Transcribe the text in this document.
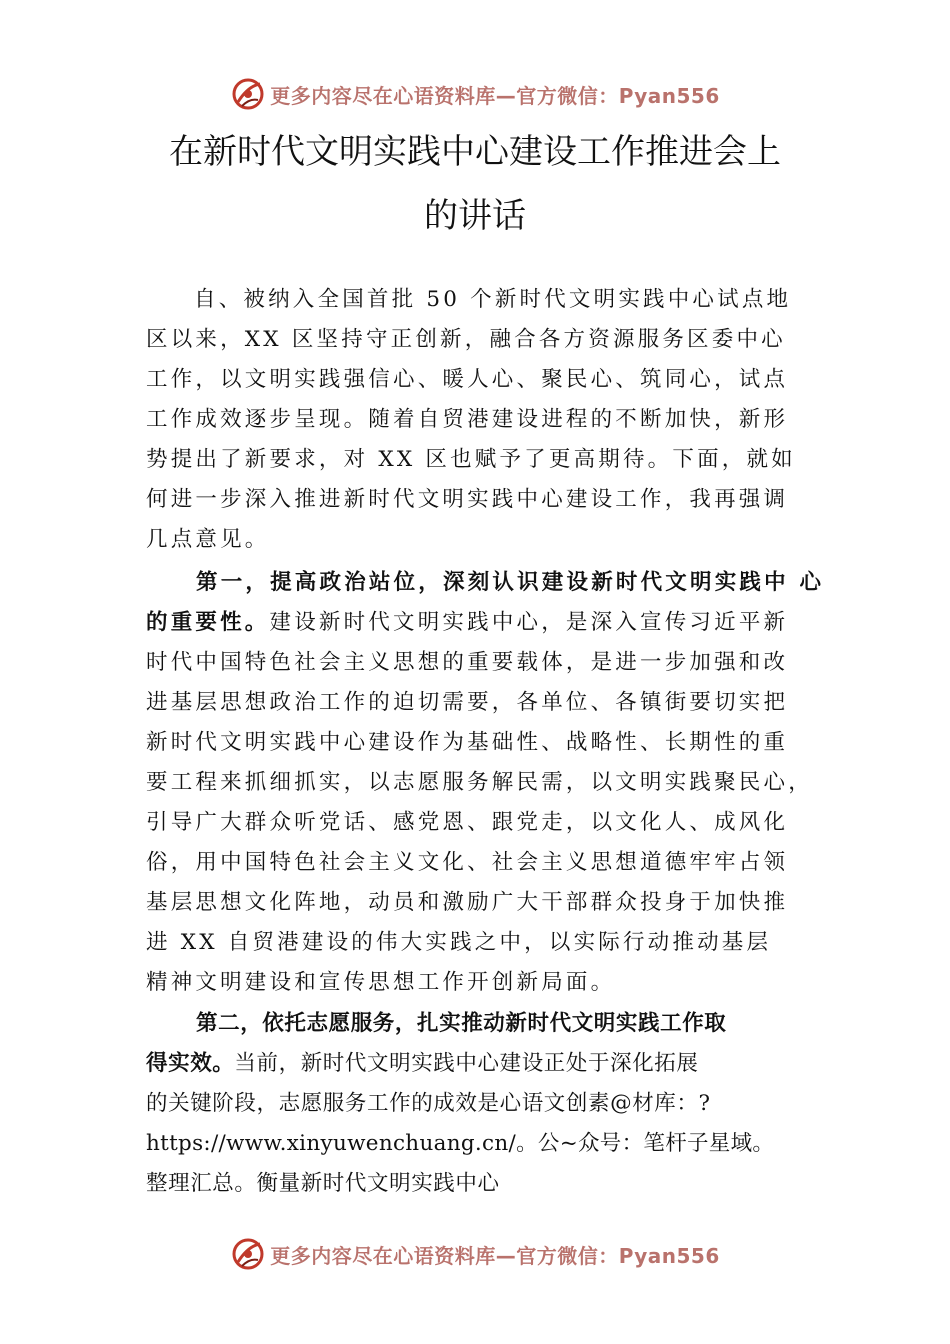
更多内容尽在心语资料库—官方微信：Pyan556
在新时代文明实践中心建设工作推进会上
的讲话
自、被纳入全国首批 50 个新时代文明实践中心试点地
区以来，XX 区坚持守正创新，融合各方资源服务区委中心
工作，以文明实践强信心、暖人心、聚民心、筑同心，试点
工作成效逐步呈现。随着自贸港建设进程的不断加快，新形
势提出了新要求，对 XX 区也赋予了更高期待。下面，就如
何进一步深入推进新时代文明实践中心建设工作，我再强调
几点意见。
第一，提高政治站位，深刻认识建设新时代文明实践中 心
的重要性。建设新时代文明实践中心，是深入宣传习近平新
时代中国特色社会主义思想的重要载体，是进一步加强和改
进基层思想政治工作的迫切需要，各单位、各镇街要切实把
新时代文明实践中心建设作为基础性、战略性、长期性的重
要工程来抓细抓实，以志愿服务解民需，以文明实践聚民心，
引导广大群众听党话、感党恩、跟党走，以文化人、成风化
俗，用中国特色社会主义文化、社会主义思想道德牢牢占领
基层思想文化阵地，动员和激励广大干部群众投身于加快推
进 XX 自贸港建设的伟大实践之中，以实际行动推动基层
精神文明建设和宣传思想工作开创新局面。
第二，依托志愿服务，扎实推动新时代文明实践工作取
得实效。当前，新时代文明实践中心建设正处于深化拓展
的关键阶段，志愿服务工作的成效是心语文创素@材库：?
https://www.xinyuwenchuang.cn/。公~众号：笔杆子星域。
整理汇总。衡量新时代文明实践中心
更多内容尽在心语资料库—官方微信：Pyan556
